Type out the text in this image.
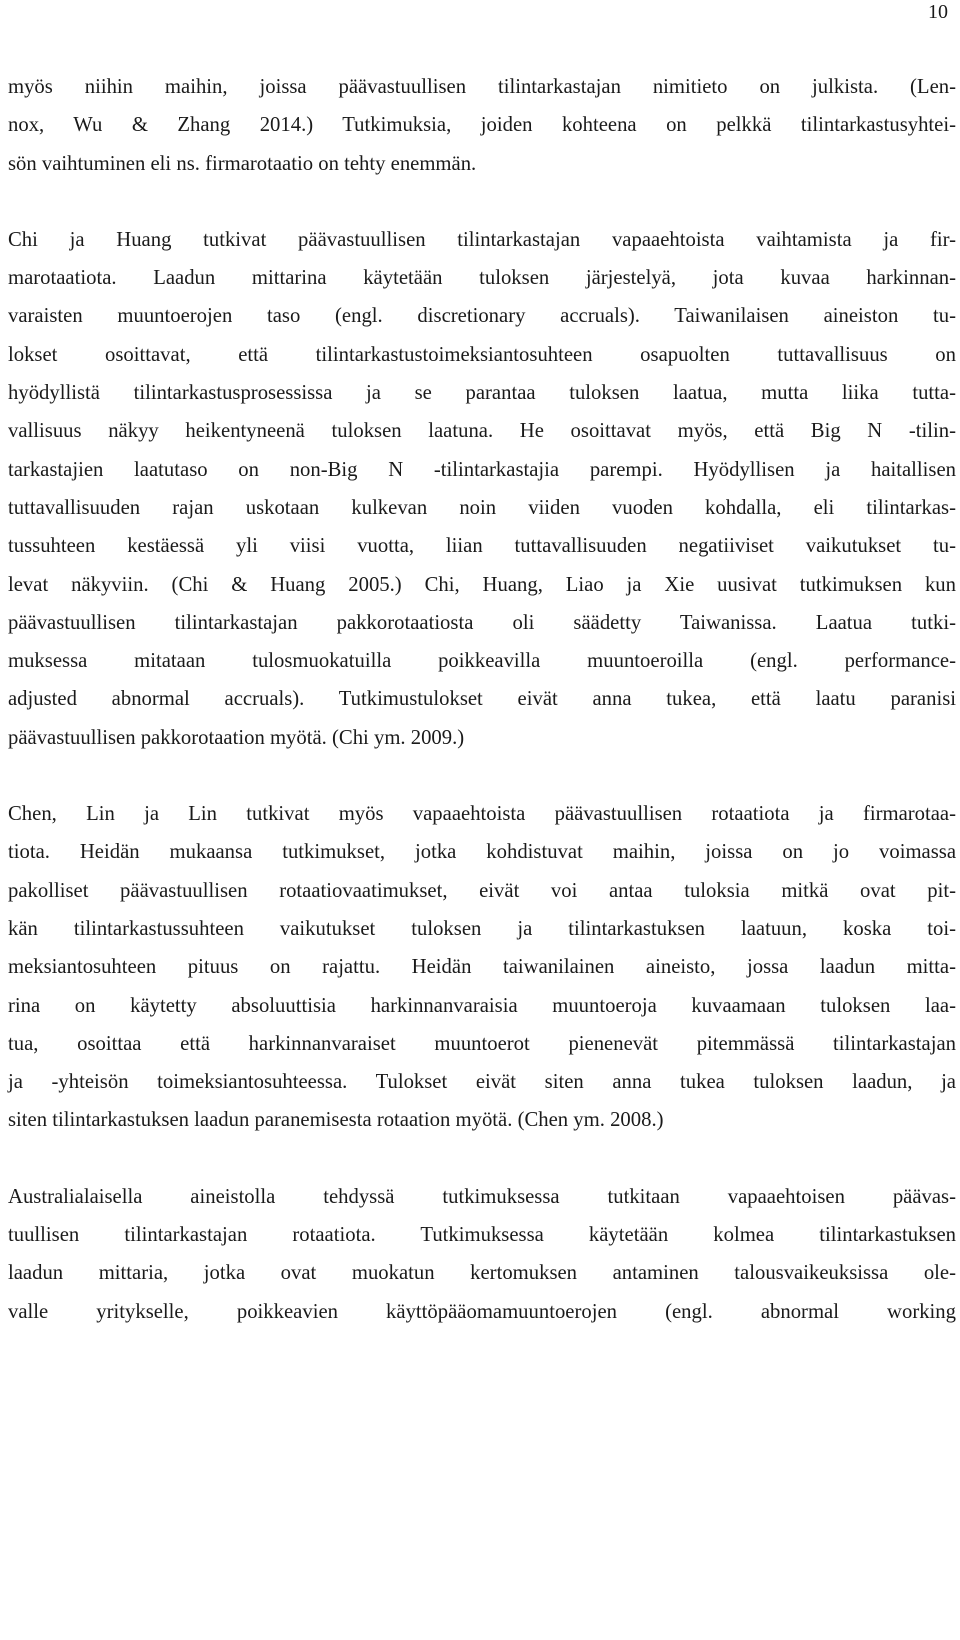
10

myös niihin maihin, joissa päävastuullisen tilintarkastajan nimitieto on julkista. (Len-
nox, Wu & Zhang 2014.) Tutkimuksia, joiden kohteena on pelkkä tilintarkastusyhtei-
sön vaihtuminen eli ns. firmarotaatio on tehty enemmän.

Chi ja Huang tutkivat päävastuullisen tilintarkastajan vapaaehtoista vaihtamista ja fir-
marotaatiota. Laadun mittarina käytetään tuloksen järjestelyä, jota kuvaa harkinnan-
varaisten muuntoerojen taso (engl. discretionary accruals). Taiwanilaisen aineiston tu-
lokset osoittavat, että tilintarkastustoimeksiantosuhteen osapuolten tuttavallisuus on
hyödyllistä tilintarkastusprosessissa ja se parantaa tuloksen laatua, mutta liika tutta-
vallisuus näkyy heikentyneenä tuloksen laatuna. He osoittavat myös, että Big N -tilin-
tarkastajien laatutaso on non-Big N -tilintarkastajia parempi. Hyödyllisen ja haitallisen
tuttavallisuuden rajan uskotaan kulkevan noin viiden vuoden kohdalla, eli tilintarkas-
tussuhteen kestäessä yli viisi vuotta, liian tuttavallisuuden negatiiviset vaikutukset tu-
levat näkyviin. (Chi & Huang 2005.) Chi, Huang, Liao ja Xie uusivat tutkimuksen kun
päävastuullisen tilintarkastajan pakkorotaatiosta oli säädetty Taiwanissa. Laatua tutki-
muksessa mitataan tulosmuokatuilla poikkeavilla muuntoeroilla (engl. performance-
adjusted abnormal accruals). Tutkimustulokset eivät anna tukea, että laatu paranisi
päävastuullisen pakkorotaation myötä. (Chi ym. 2009.)

Chen, Lin ja Lin tutkivat myös vapaaehtoista päävastuullisen rotaatiota ja firmarotaa-
tiota. Heidän mukaansa tutkimukset, jotka kohdistuvat maihin, joissa on jo voimassa
pakolliset päävastuullisen rotaatiovaatimukset, eivät voi antaa tuloksia mitkä ovat pit-
kän tilintarkastussuhteen vaikutukset tuloksen ja tilintarkastuksen laatuun, koska toi-
meksiantosuhteen pituus on rajattu. Heidän taiwanilainen aineisto, jossa laadun mitta-
rina on käytetty absoluuttisia harkinnanvaraisia muuntoeroja kuvaamaan tuloksen laa-
tua, osoittaa että harkinnanvaraiset muuntoerot pienenevät pitemmässä tilintarkastajan
ja -yhteisön toimeksiantosuhteessa. Tulokset eivät siten anna tukea tuloksen laadun, ja
siten tilintarkastuksen laadun paranemisesta rotaation myötä. (Chen ym. 2008.)

Australialaisella aineistolla tehdyssä tutkimuksessa tutkitaan vapaaehtoisen päävas-
tuullisen tilintarkastajan rotaatiota. Tutkimuksessa käytetään kolmea tilintarkastuksen
laadun mittaria, jotka ovat muokatun kertomuksen antaminen talousvaikeuksissa ole-
valle yritykselle, poikkeavien käyttöpääomamuuntoerojen (engl. abnormal working
